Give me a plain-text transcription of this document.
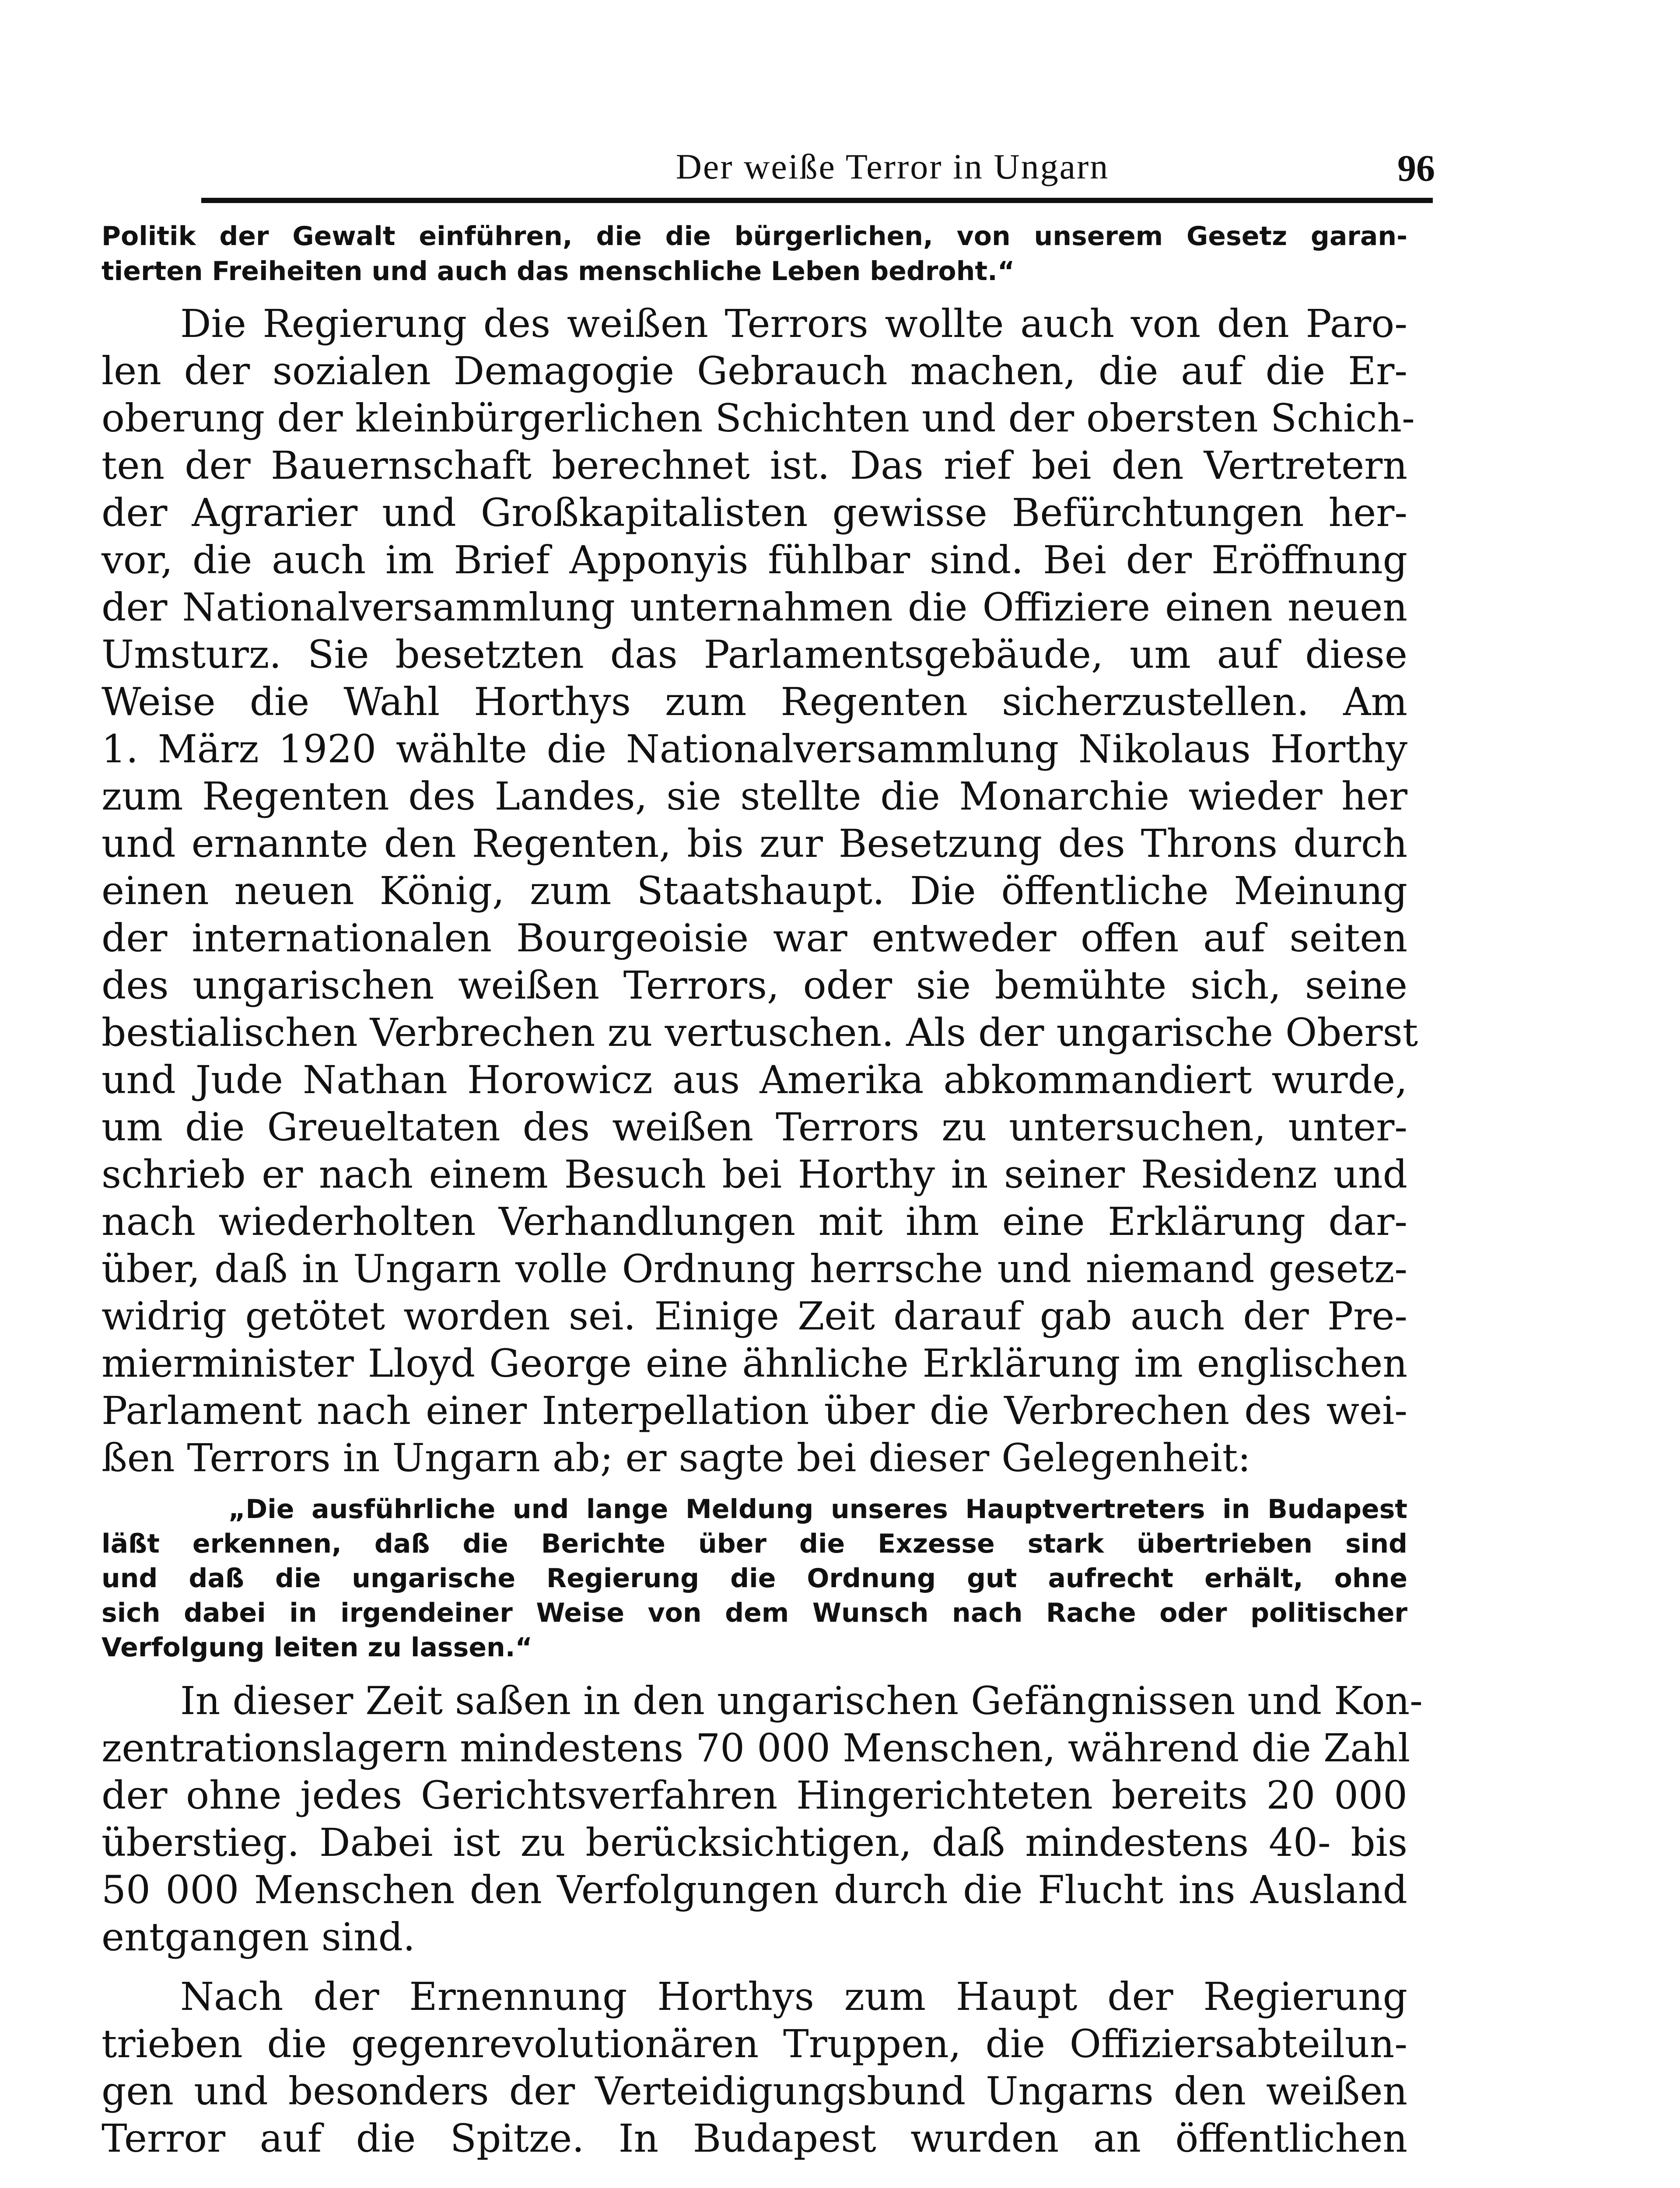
Der weiße Terror in Ungarn	96
Politik der Gewalt einführen, die die bürgerlichen, von unserem Gesetz garan-
tierten Freiheiten und auch das menschliche Leben bedroht.“
Die Regierung des weißen Terrors wollte auch von den Paro-
len der sozialen Demagogie Gebrauch machen, die auf die Er-
oberung der kleinbürgerlichen Schichten und der obersten Schich-
ten der Bauernschaft berechnet ist. Das rief bei den Vertretern
der Agrarier und Großkapitalisten gewisse Befürchtungen her-
vor, die auch im Brief Apponyis fühlbar sind. Bei der Eröffnung
der Nationalversammlung unternahmen die Offiziere einen neuen
Umsturz. Sie besetzten das Parlamentsgebäude, um auf diese
Weise die Wahl Horthys zum Regenten sicherzustellen. Am
1. März 1920 wählte die Nationalversammlung Nikolaus Horthy
zum Regenten des Landes, sie stellte die Monarchie wieder her
und ernannte den Regenten, bis zur Besetzung des Throns durch
einen neuen König, zum Staatshaupt. Die öffentliche Meinung
der internationalen Bourgeoisie war entweder offen auf seiten
des ungarischen weißen Terrors, oder sie bemühte sich, seine
bestialischen Verbrechen zu vertuschen. Als der ungarische Oberst
und Jude Nathan Horowicz aus Amerika abkommandiert wurde,
um die Greueltaten des weißen Terrors zu untersuchen, unter-
schrieb er nach einem Besuch bei Horthy in seiner Residenz und
nach wiederholten Verhandlungen mit ihm eine Erklärung dar-
über, daß in Ungarn volle Ordnung herrsche und niemand gesetz-
widrig getötet worden sei. Einige Zeit darauf gab auch der Pre-
mierminister Lloyd George eine ähnliche Erklärung im englischen
Parlament nach einer Interpellation über die Verbrechen des wei-
ßen Terrors in Ungarn ab; er sagte bei dieser Gelegenheit:
„Die ausführliche und lange Meldung unseres Hauptvertreters in Budapest
läßt erkennen, daß die Berichte über die Exzesse stark übertrieben sind
und daß die ungarische Regierung die Ordnung gut aufrecht erhält, ohne
sich dabei in irgendeiner Weise von dem Wunsch nach Rache oder politischer
Verfolgung leiten zu lassen.“
In dieser Zeit saßen in den ungarischen Gefängnissen und Kon-
zentrationslagern mindestens 70 000 Menschen, während die Zahl
der ohne jedes Gerichtsverfahren Hingerichteten bereits 20 000
überstieg. Dabei ist zu berücksichtigen, daß mindestens 40- bis
50 000 Menschen den Verfolgungen durch die Flucht ins Ausland
entgangen sind.
Nach der Ernennung Horthys zum Haupt der Regierung
trieben die gegenrevolutionären Truppen, die Offiziersabteilun-
gen und besonders der Verteidigungsbund Ungarns den weißen
Terror auf die Spitze. In Budapest wurden an öffentlichen
